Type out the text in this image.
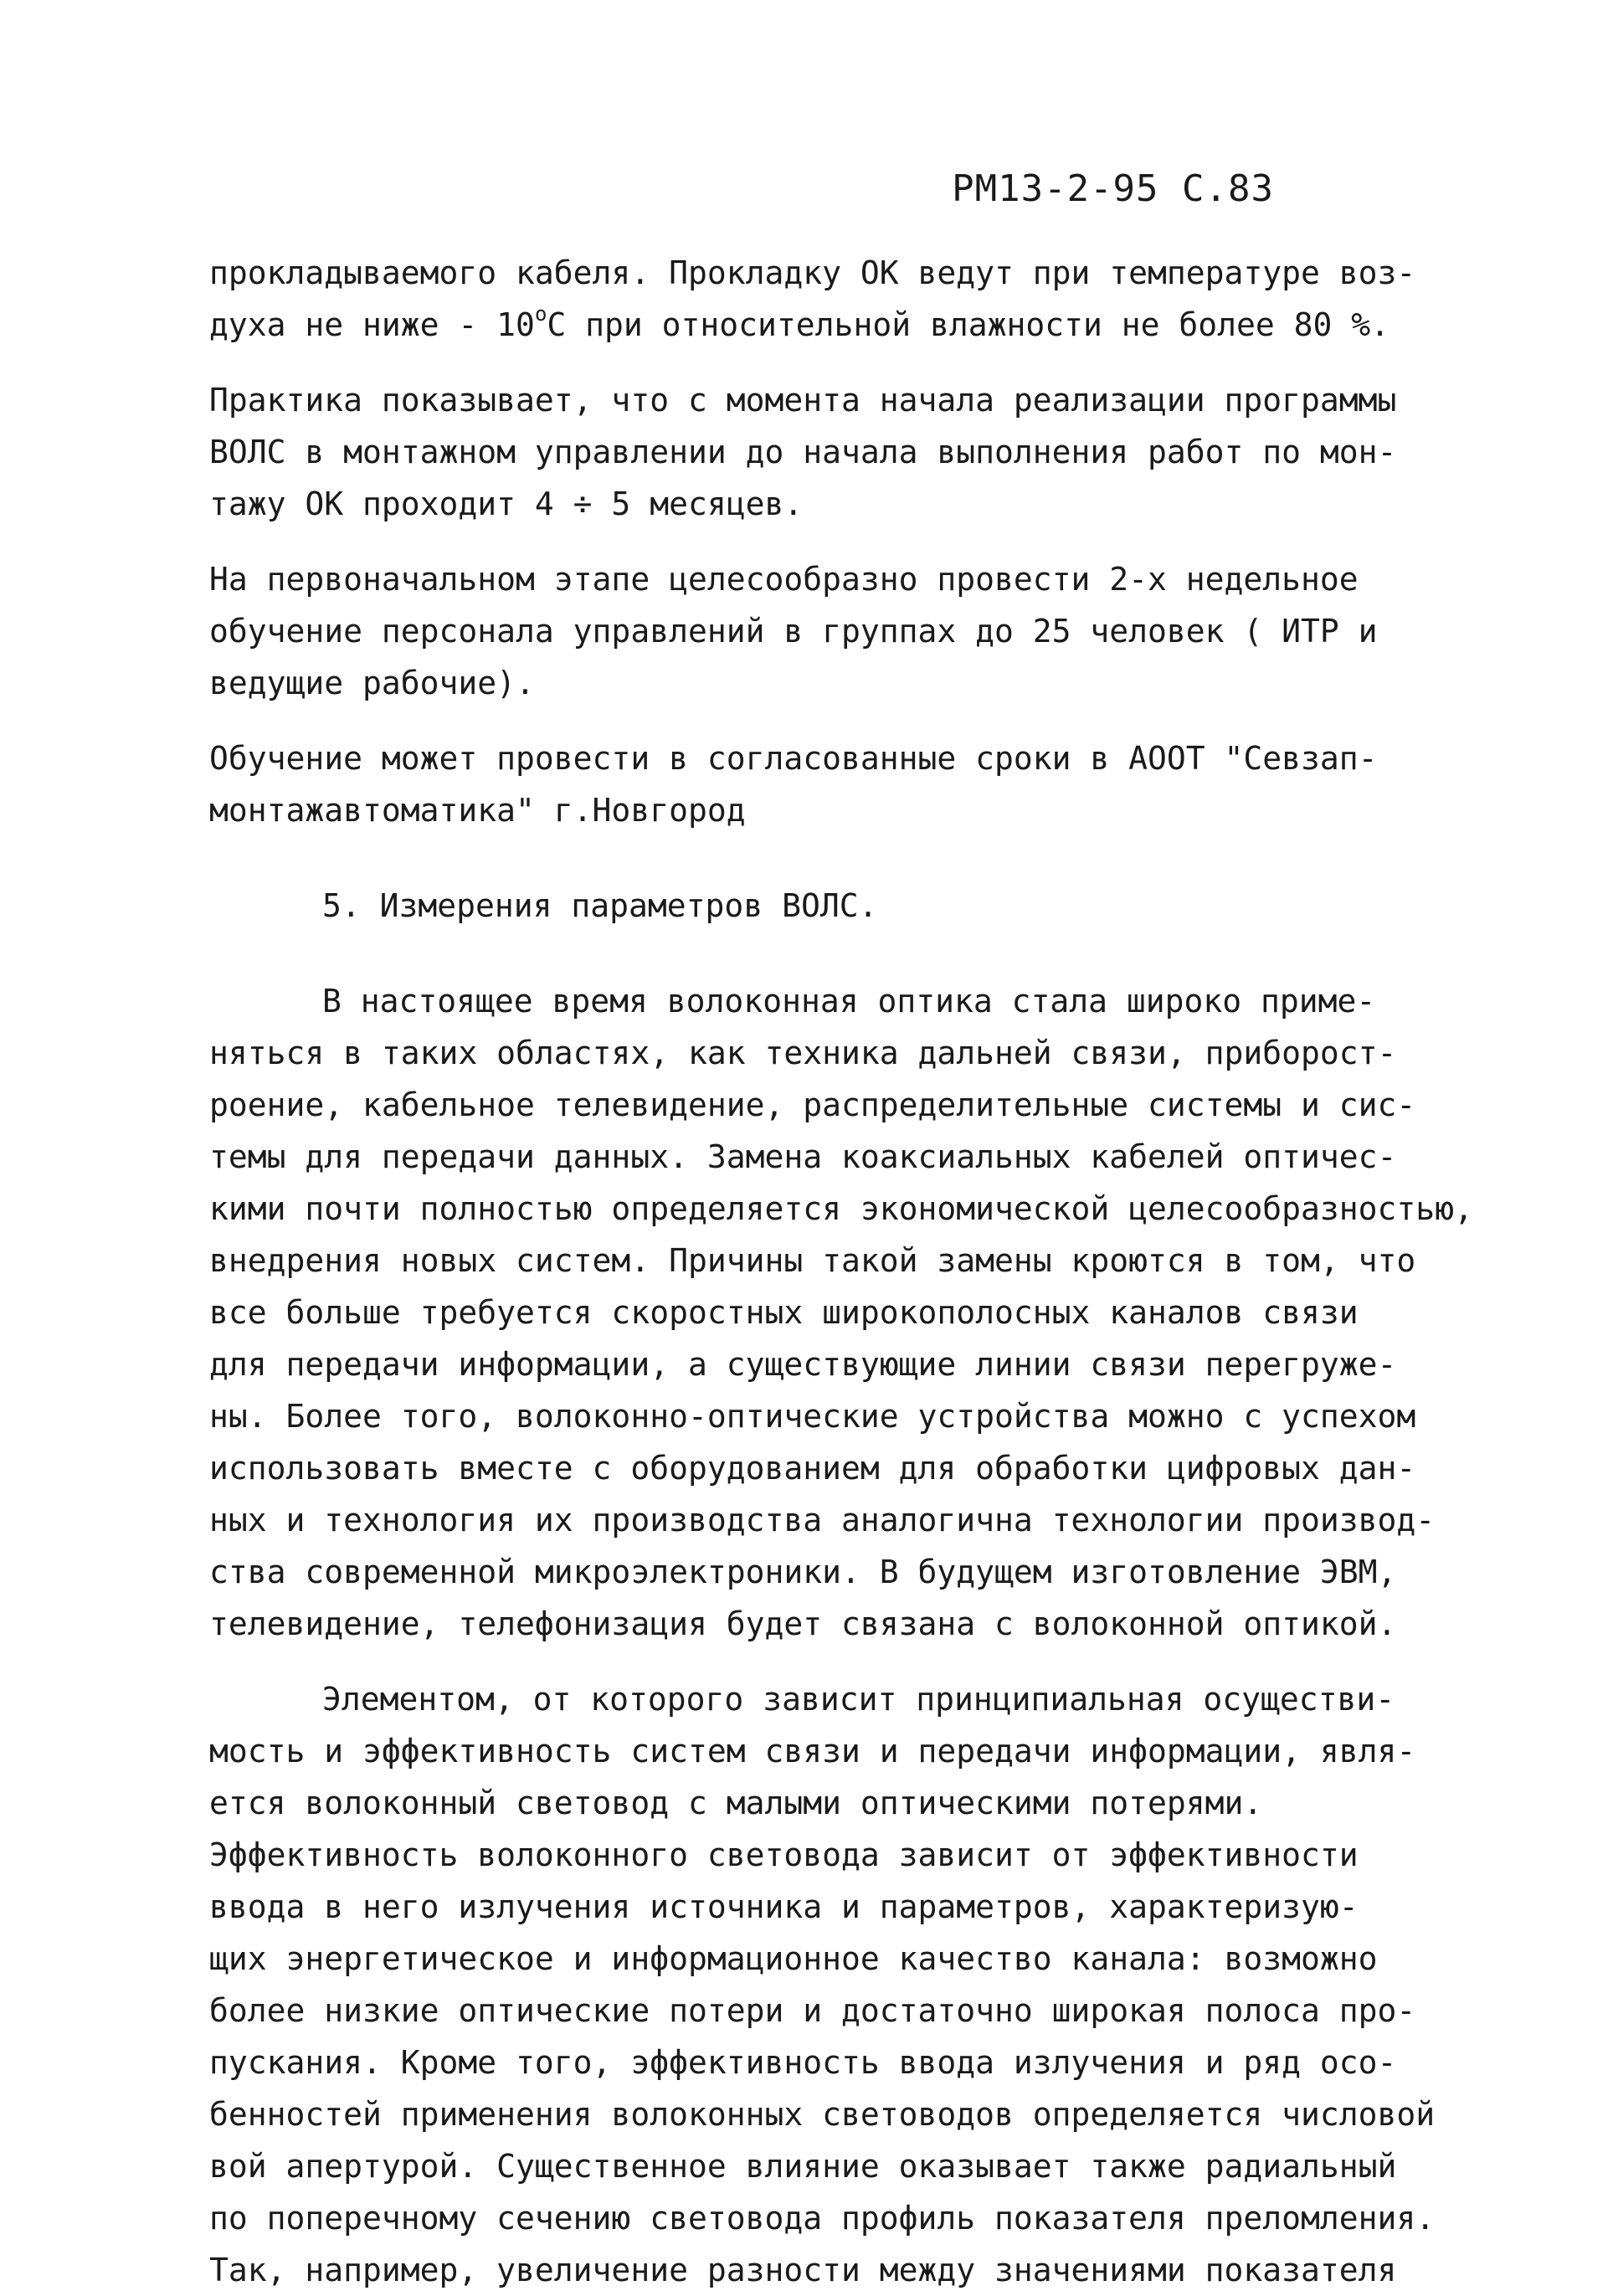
РМ13-2-95 С.83
прокладываемого кабеля. Прокладку ОК ведут при температуре воз-
духа не ниже - 10$^o$С при относительной влажности не более 80 %.
Практика показывает, что с момента начала реализации программы
ВОЛС в монтажном управлении до начала выполнения работ по мон-
тажу ОК проходит 4 ÷ 5 месяцев.
На первоначальном этапе целесообразно провести 2-х недельное
обучение персонала управлений в группах до 25 человек ( ИТР и
ведущие рабочие).
Обучение может провести в согласованные сроки в АООТ "Севзап-
монтажавтоматика" г.Новгород
5. Измерения параметров ВОЛС.
В настоящее время волоконная оптика стала широко приме-
няться в таких областях, как техника дальней связи, приборост-
роение, кабельное телевидение, распределительные системы и сис-
темы для передачи данных. Замена коаксиальных кабелей оптичес-
кими почти полностью определяется экономической целесообразностью,
внедрения новых систем. Причины такой замены кроются в том, что
все больше требуется скоростных широкополосных каналов связи
для передачи информации, а существующие линии связи перегруже-
ны. Более того, волоконно-оптические устройства можно с успехом
использовать вместе с оборудованием для обработки цифровых дан-
ных и технология их производства аналогична технологии производ-
ства современной микроэлектроники. В будущем изготовление ЭВМ,
телевидение, телефонизация будет связана с волоконной оптикой.
Элементом, от которого зависит принципиальная осуществи-
мость и эффективность систем связи и передачи информации, явля-
ется волоконный световод с малыми оптическими потерями.
Эффективность волоконного световода зависит от эффективности
ввода в него излучения источника и параметров, характеризую-
щих энергетическое и информационное качество канала: возможно
более низкие оптические потери и достаточно широкая полоса про-
пускания. Кроме того, эффективность ввода излучения и ряд осо-
бенностей применения волоконных световодов определяется числовой
вой апертурой. Существенное влияние оказывает также радиальный
по поперечному сечению световода профиль показателя преломления.
Так, например, увеличение разности между значениями показателя
